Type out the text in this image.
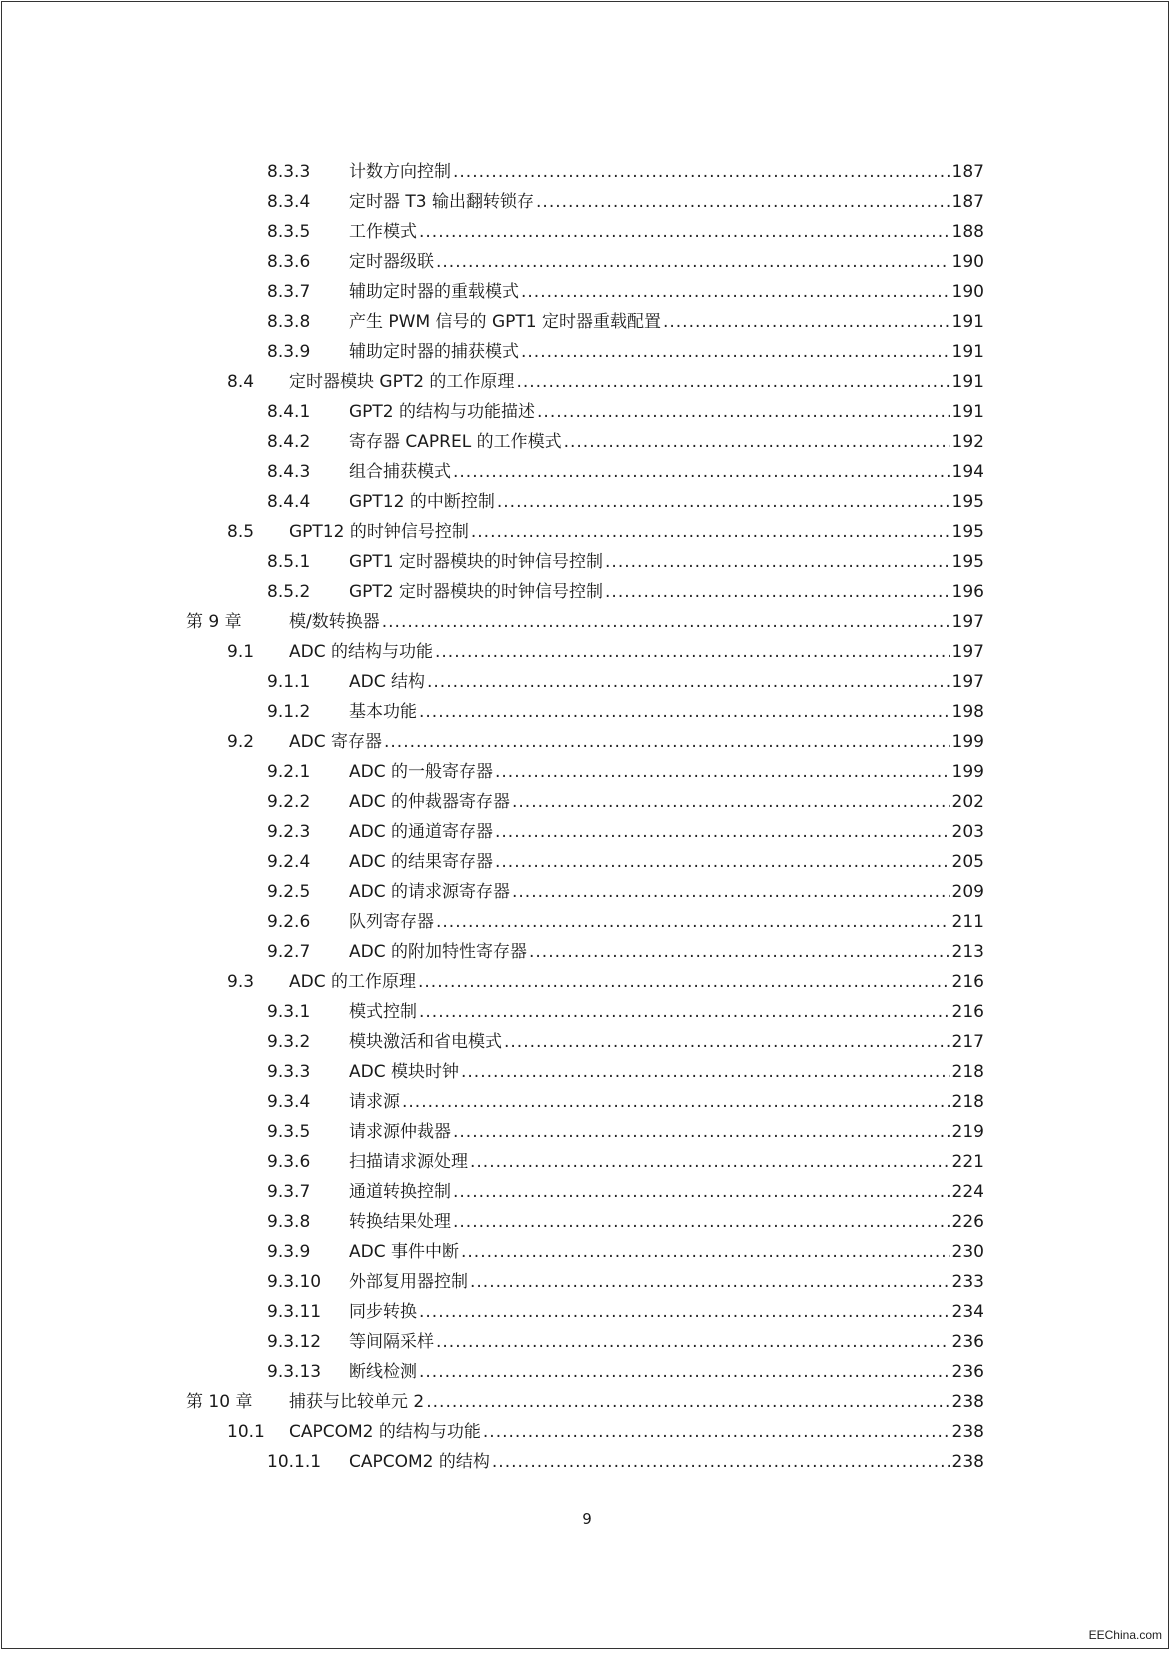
8.3.3 计数方向控制 .....	187
8.3.4 定时器 T3 输出翻转锁存 .....	187
8.3.5 工作模式 .....	188
8.3.6 定时器级联 .....	190
8.3.7 辅助定时器的重载模式 .....	190
8.3.8 产生 PWM 信号的 GPT1 定时器重载配置 .....	191
8.3.9 辅助定时器的捕获模式 .....	191
8.4 定时器模块 GPT2 的工作原理 .....	191
8.4.1 GPT2 的结构与功能描述 .....	191
8.4.2 寄存器 CAPREL 的工作模式 .....	192
8.4.3 组合捕获模式 .....	194
8.4.4 GPT12 的中断控制 .....	195
8.5 GPT12 的时钟信号控制 .....	195
8.5.1 GPT1 定时器模块的时钟信号控制 .....	195
8.5.2 GPT2 定时器模块的时钟信号控制 .....	196
第 9 章	模/数转换器 .....	197
9.1 ADC 的结构与功能 .....	197
9.1.1 ADC 结构 .....	197
9.1.2 基本功能 .....	198
9.2 ADC 寄存器 .....	199
9.2.1 ADC 的一般寄存器 .....	199
9.2.2 ADC 的仲裁器寄存器 .....	202
9.2.3 ADC 的通道寄存器 .....	203
9.2.4 ADC 的结果寄存器 .....	205
9.2.5 ADC 的请求源寄存器 .....	209
9.2.6 队列寄存器 .....	211
9.2.7 ADC 的附加特性寄存器 .....	213
9.3 ADC 的工作原理 .....	216
9.3.1 模式控制 .....	216
9.3.2 模块激活和省电模式 .....	217
9.3.3 ADC 模块时钟 .....	218
9.3.4 请求源 .....	218
9.3.5 请求源仲裁器 .....	219
9.3.6 扫描请求源处理 .....	221
9.3.7 通道转换控制 .....	224
9.3.8 转换结果处理 .....	226
9.3.9 ADC 事件中断 .....	230
9.3.10 外部复用器控制 .....	233
9.3.11 同步转换 .....	234
9.3.12 等间隔采样 .....	236
9.3.13 断线检测 .....	236
第 10 章 捕获与比较单元 2 .....	238
10.1 CAPCOM2 的结构与功能 .....	238
10.1.1 CAPCOM2 的结构 .....	238
9
EEChina.com
